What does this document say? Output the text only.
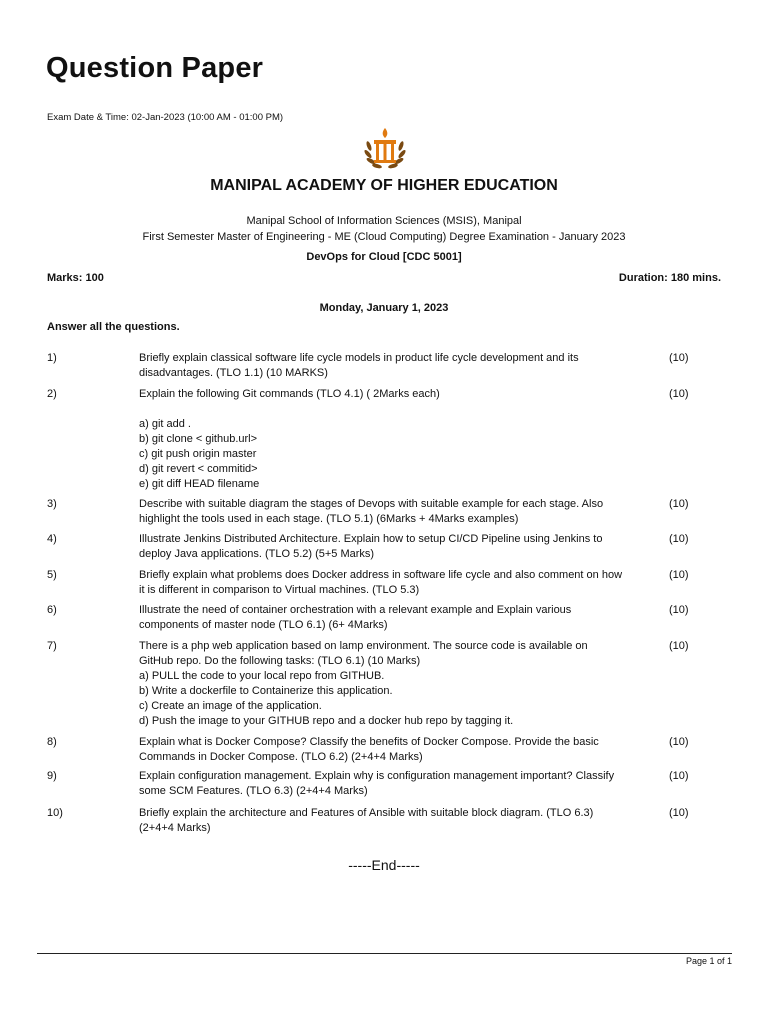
Question Paper
Exam Date & Time: 02-Jan-2023 (10:00 AM - 01:00 PM)
MANIPAL ACADEMY OF HIGHER EDUCATION
Manipal School of Information Sciences (MSIS), Manipal
First Semester Master of Engineering - ME (Cloud Computing) Degree Examination - January 2023
DevOps for Cloud [CDC 5001]
Marks: 100	Duration: 180 mins.
Monday, January 1, 2023
Answer all the questions.
1)	Briefly explain classical software life cycle models in product life cycle development and its
disadvantages. (TLO 1.1) (10 MARKS)
(10)
2)	Explain the following Git commands (TLO 4.1) ( 2Marks each)
a) git add .
b) git clone < github.url>
c) git push origin master
d) git revert < commitid>
e) git diff HEAD filename
(10)
3)	Describe with suitable diagram the stages of Devops with suitable example for each stage. Also
highlight the tools used in each stage. (TLO 5.1) (6Marks + 4Marks examples)
(10)
4)	Illustrate Jenkins Distributed Architecture. Explain how to setup CI/CD Pipeline using Jenkins to
deploy Java applications. (TLO 5.2) (5+5 Marks)
(10)
5)	Briefly explain what problems does Docker address in software life cycle and also comment on how
it is different in comparison to Virtual machines. (TLO 5.3)
(10)
6)	Illustrate the need of container orchestration with a relevant example and Explain various
components of master node (TLO 6.1) (6+ 4Marks)
(10)
7)	There is a php web application based on lamp environment. The source code is available on
GitHub repo. Do the following tasks: (TLO 6.1) (10 Marks)
a) PULL the code to your local repo from GITHUB.
b) Write a dockerfile to Containerize this application.
c) Create an image of the application.
d) Push the image to your GITHUB repo and a docker hub repo by tagging it.
(10)
8)	Explain what is Docker Compose? Classify the benefits of Docker Compose. Provide the basic
Commands in Docker Compose. (TLO 6.2) (2+4+4 Marks)
(10)
9)	Explain configuration management. Explain why is configuration management important? Classify
some SCM Features. (TLO 6.3) (2+4+4 Marks)
(10)
10)	Briefly explain the architecture and Features of Ansible with suitable block diagram. (TLO 6.3)
(2+4+4 Marks)
(10)
-----End-----
Page 1 of 1
